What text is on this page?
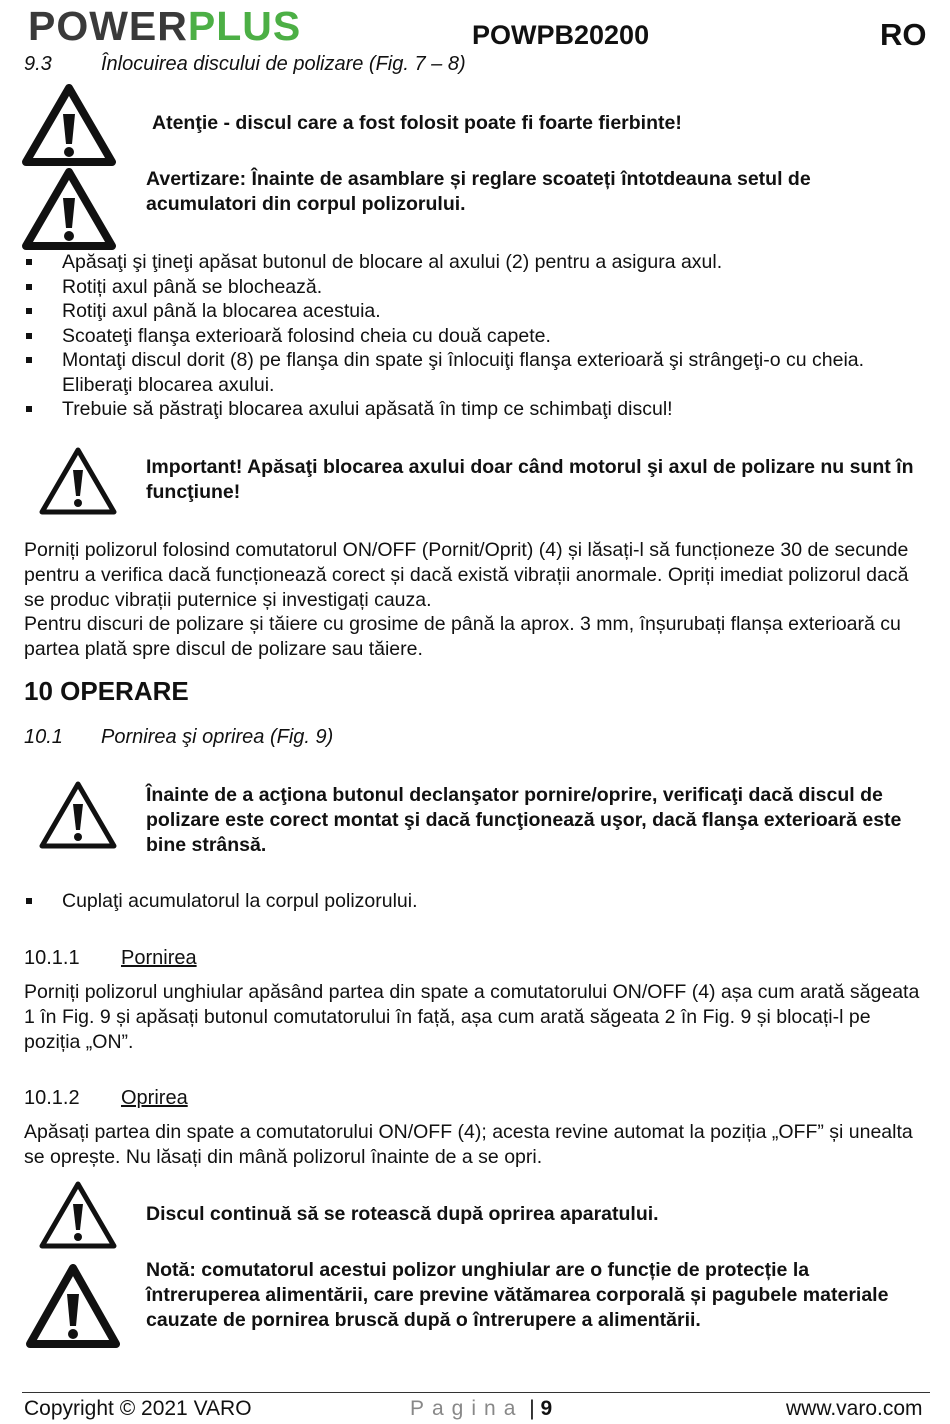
POWERPLUS	POWPB20200	RO
9.3 Înlocuirea discului de polizare (Fig. 7 – 8)
Atenţie - discul care a fost folosit poate fi foarte fierbinte!
Avertizare: Înainte de asamblare și reglare scoateți întotdeauna setul de acumulatori din corpul polizorului.
Apăsaţi şi ţineţi apăsat butonul de blocare al axului (2) pentru a asigura axul.
Rotiți axul până se blochează.
Rotiţi axul până la blocarea acestuia.
Scoateţi flanşa exterioară folosind cheia cu două capete.
Montaţi discul dorit (8) pe flanşa din spate şi înlocuiţi flanşa exterioară şi strângeţi-o cu cheia. Eliberaţi blocarea axului.
Trebuie să păstraţi blocarea axului apăsată în timp ce schimbaţi discul!
Important! Apăsaţi blocarea axului doar când motorul şi axul de polizare nu sunt în funcţiune!
Porniți polizorul folosind comutatorul ON/OFF (Pornit/Oprit) (4) și lăsați-l să funcționeze 30 de secunde pentru a verifica dacă funcționează corect și dacă există vibrații anormale. Opriți imediat polizorul dacă se produc vibrații puternice și investigați cauza.
Pentru discuri de polizare și tăiere cu grosime de până la aprox. 3 mm, înșurubați flanșa exterioară cu partea plată spre discul de polizare sau tăiere.
10 OPERARE
10.1 Pornirea şi oprirea (Fig. 9)
Înainte de a acţiona butonul declanşator pornire/oprire, verificaţi dacă discul de polizare este corect montat şi dacă funcţionează uşor, dacă flanşa exterioară este bine strânsă.
Cuplaţi acumulatorul la corpul polizorului.
10.1.1 Pornirea
Porniți polizorul unghiular apăsând partea din spate a comutatorului ON/OFF (4) așa cum arată săgeata 1 în Fig. 9 și apăsați butonul comutatorului în față, așa cum arată săgeata 2 în Fig. 9 și blocați-l pe poziția „ON”.
10.1.2 Oprirea
Apăsați partea din spate a comutatorului ON/OFF (4); acesta revine automat la poziția „OFF” și unealta se oprește. Nu lăsați din mână polizorul înainte de a se opri.
Discul continuă să se rotească după oprirea aparatului.
Notă: comutatorul acestui polizor unghiular are o funcție de protecție la întreruperea alimentării, care previne vătămarea corporală și pagubele materiale cauzate de pornirea bruscă după o întrerupere a alimentării.
Copyright © 2021 VARO	Pagina | 9	www.varo.com
